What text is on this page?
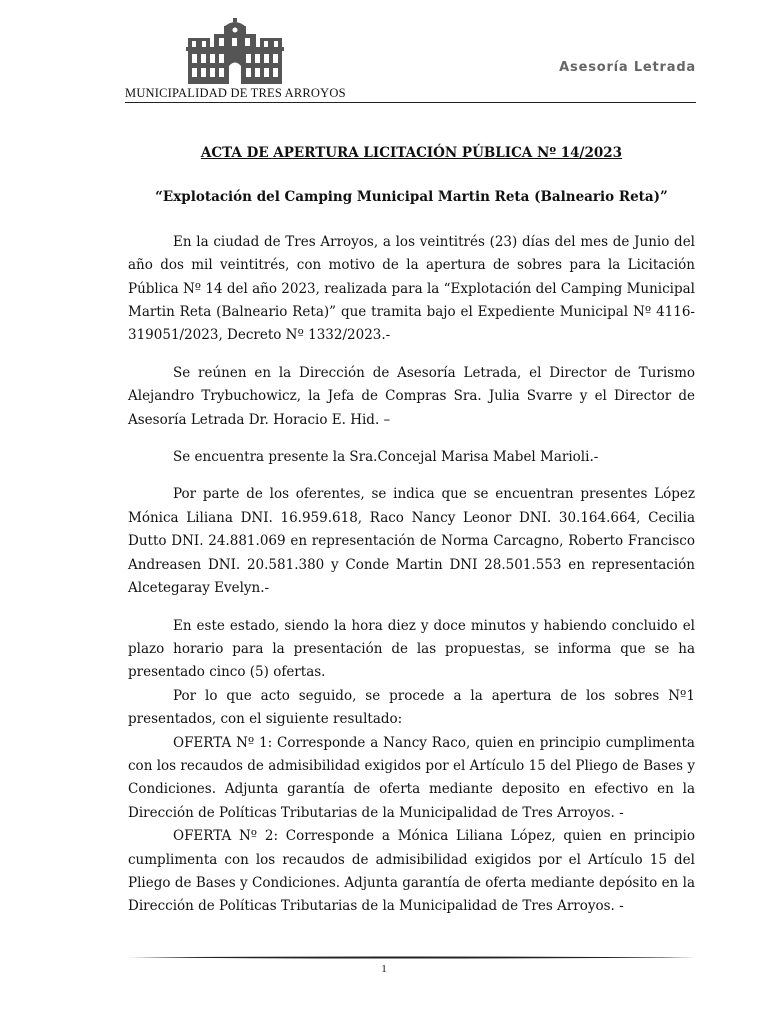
MUNICIPALIDAD DE TRES ARROYOS
Asesoría Letrada
ACTA DE APERTURA LICITACIÓN PÚBLICA Nº 14/2023
“Explotación del Camping Municipal Martin Reta (Balneario Reta)”

En la ciudad de Tres Arroyos, a los veintitrés (23) días del mes de Junio del año dos mil veintitrés, con motivo de la apertura de sobres para la Licitación Pública Nº 14 del año 2023, realizada para la “Explotación del Camping Municipal Martin Reta (Balneario Reta)” que tramita bajo el Expediente Municipal Nº 4116-319051/2023, Decreto Nº 1332/2023.-

Se reúnen en la Dirección de Asesoría Letrada, el Director de Turismo Alejandro Trybuchowicz, la Jefa de Compras Sra. Julia Svarre y el Director de Asesoría Letrada Dr. Horacio E. Hid. –

Se encuentra presente la Sra.Concejal Marisa Mabel Marioli.-

Por parte de los oferentes, se indica que se encuentran presentes López Mónica Liliana DNI. 16.959.618, Raco Nancy Leonor DNI. 30.164.664, Cecilia Dutto DNI. 24.881.069 en representación de Norma Carcagno, Roberto Francisco Andreasen DNI. 20.581.380 y Conde Martin DNI 28.501.553 en representación Alcetegaray Evelyn.-

En este estado, siendo la hora diez y doce minutos y habiendo concluido el plazo horario para la presentación de las propuestas, se informa que se ha presentado cinco (5) ofertas.

Por lo que acto seguido, se procede a la apertura de los sobres Nº1 presentados, con el siguiente resultado:

OFERTA Nº 1: Corresponde a Nancy Raco, quien en principio cumplimenta con los recaudos de admisibilidad exigidos por el Artículo 15 del Pliego de Bases y Condiciones. Adjunta garantía de oferta mediante deposito en efectivo en la Dirección de Políticas Tributarias de la Municipalidad de Tres Arroyos. -

OFERTA Nº 2: Corresponde a Mónica Liliana López, quien en principio cumplimenta con los recaudos de admisibilidad exigidos por el Artículo 15 del Pliego de Bases y Condiciones. Adjunta garantía de oferta mediante depósito en la Dirección de Políticas Tributarias de la Municipalidad de Tres Arroyos. -

1
